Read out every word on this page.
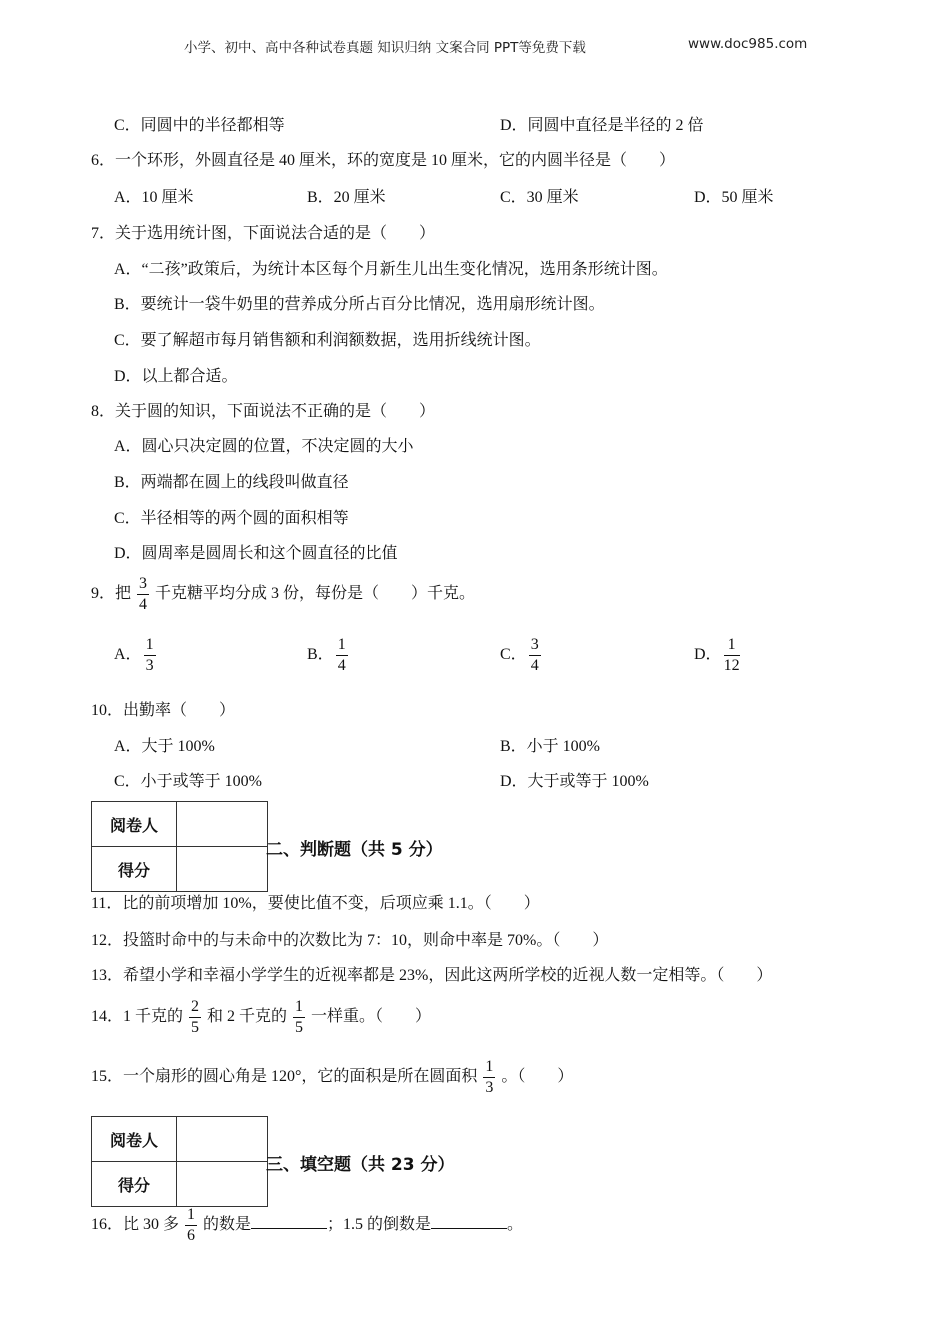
小学、初中、高中各种试卷真题 知识归纳 文案合同 PPT等免费下载	www.doc985.com
C．同圆中的半径都相等	D．同圆中直径是半径的 2 倍
6．一个环形，外圆直径是 40 厘米，环的宽度是 10 厘米，它的内圆半径是（　　）
A．10 厘米	B．20 厘米	C．30 厘米	D．50 厘米
7．关于选用统计图，下面说法合适的是（　　）
A．“二孩”政策后，为统计本区每个月新生儿出生变化情况，选用条形统计图。
B．要统计一袋牛奶里的营养成分所占百分比情况，选用扇形统计图。
C．要了解超市每月销售额和利润额数据，选用折线统计图。
D．以上都合适。
8．关于圆的知识，下面说法不正确的是（　　）
A．圆心只决定圆的位置，不决定圆的大小
B．两端都在圆上的线段叫做直径
C．半径相等的两个圆的面积相等
D．圆周率是圆周长和这个圆直径的比值
9．把 $\frac{3}{4}$ 千克糖平均分成 3 份，每份是（　　）千克。
A． $\frac{1}{3}$	B． $\frac{1}{4}$	C． $\frac{3}{4}$	D． $\frac{1}{12}$
10．出勤率（　　）
A．大于 100%	B．小于 100%
C．小于或等于 100%	D．大于或等于 100%
阅卷人	
得分	
二、判断题（共 5 分）
11．比的前项增加 10%，要使比值不变，后项应乘 1.1。（　　）
12．投篮时命中的与未命中的次数比为 7：10，则命中率是 70%。（　　）
13．希望小学和幸福小学学生的近视率都是 23%，因此这两所学校的近视人数一定相等。（　　）
14．1 千克的 $\frac{2}{5}$ 和 2 千克的 $\frac{1}{5}$ 一样重。（　　）
15．一个扇形的圆心角是 120°，它的面积是所在圆面积 $\frac{1}{3}$ 。（　　）
阅卷人	
得分	
三、填空题（共 23 分）
16．比 30 多 $\frac{1}{6}$ 的数是	；1.5 的倒数是	。
